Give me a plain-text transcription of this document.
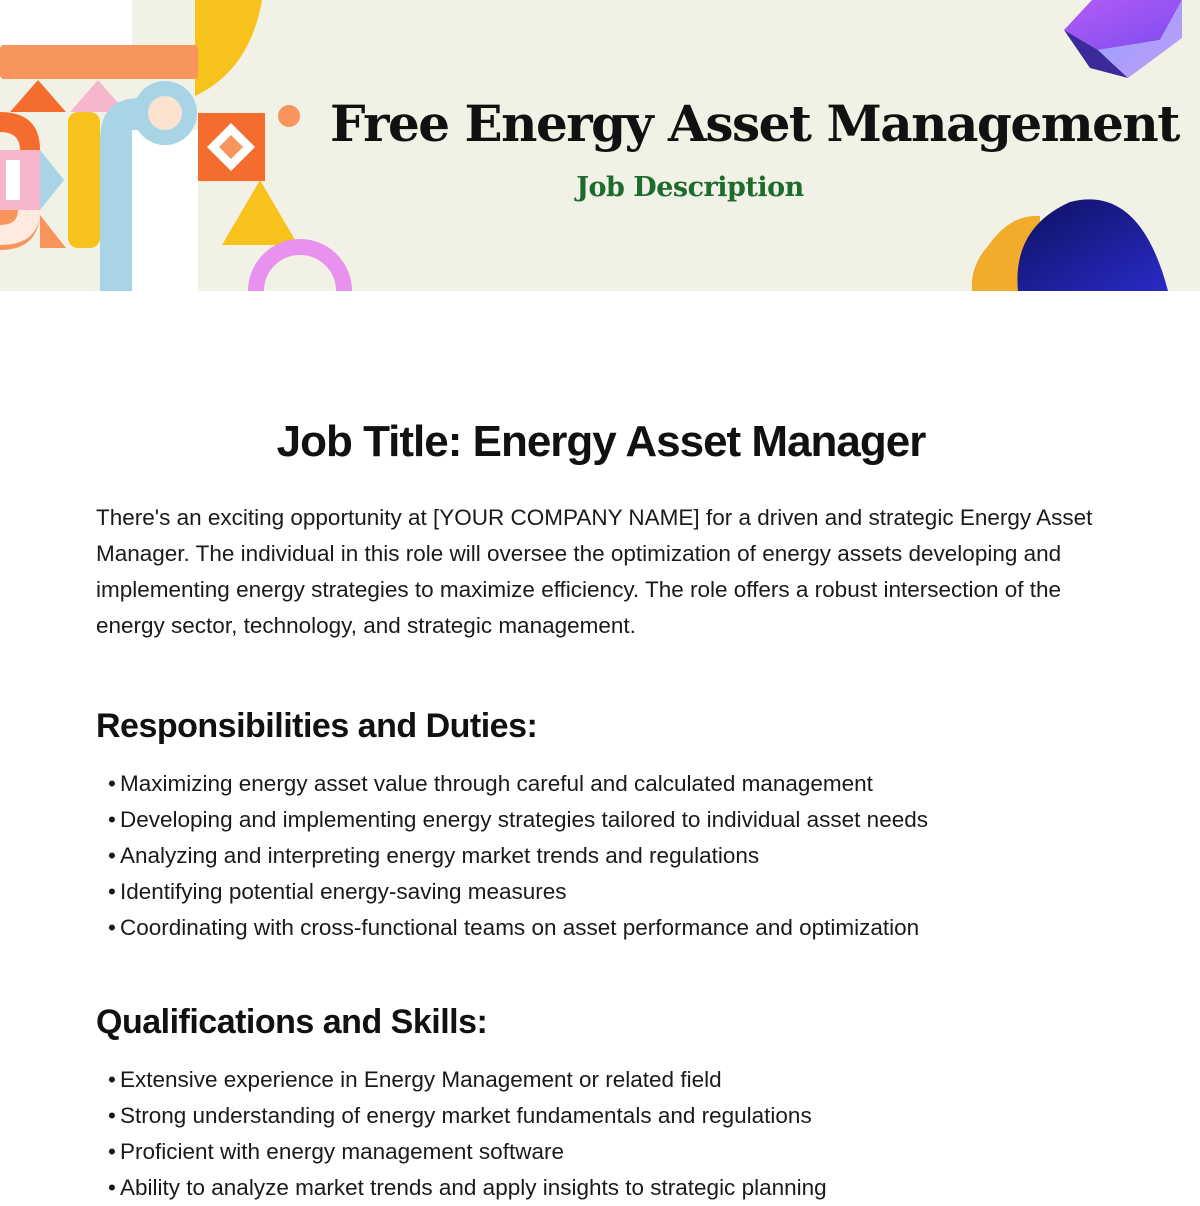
Free Energy Asset Management
Job Description
Job Title: Energy Asset Manager

There's an exciting opportunity at [YOUR COMPANY NAME] for a driven and strategic Energy Asset Manager. The individual in this role will oversee the optimization of energy assets developing and implementing energy strategies to maximize efficiency. The role offers a robust intersection of the energy sector, technology, and strategic management.

Responsibilities and Duties:
• Maximizing energy asset value through careful and calculated management
• Developing and implementing energy strategies tailored to individual asset needs
• Analyzing and interpreting energy market trends and regulations
• Identifying potential energy-saving measures
• Coordinating with cross-functional teams on asset performance and optimization
Qualifications and Skills:
• Extensive experience in Energy Management or related field
• Strong understanding of energy market fundamentals and regulations
• Proficient with energy management software
• Ability to analyze market trends and apply insights to strategic planning
